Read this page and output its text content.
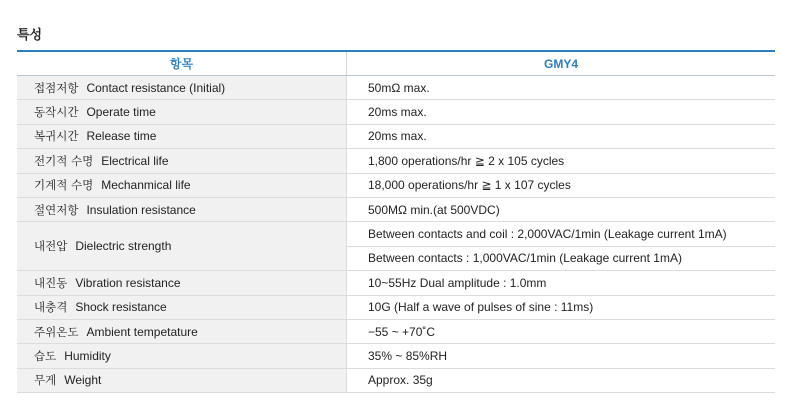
특성
항목	GMY4
접점저항 Contact resistance (Initial)	50mΩ max.
동작시간 Operate time	20ms max.
복귀시간 Release time	20ms max.
전기적 수명 Electrical life	1,800 operations/hr ≧ 2 x 105 cycles
기계적 수명 Mechanmical life	18,000 operations/hr ≧ 1 x 107 cycles
절연저항 Insulation resistance	500MΩ min.(at 500VDC)
내전압 Dielectric strength	Between contacts and coil : 2,000VAC/1min (Leakage current 1mA)
	Between contacts : 1,000VAC/1min (Leakage current 1mA)
내진동 Vibration resistance	10~55Hz Dual amplitude : 1.0mm
내충격 Shock resistance	10G (Half a wave of pulses of sine : 11ms)
주위온도 Ambient tempetature	−55 ~ +70˚C
습도 Humidity	35% ~ 85%RH
무게 Weight	Approx. 35g
